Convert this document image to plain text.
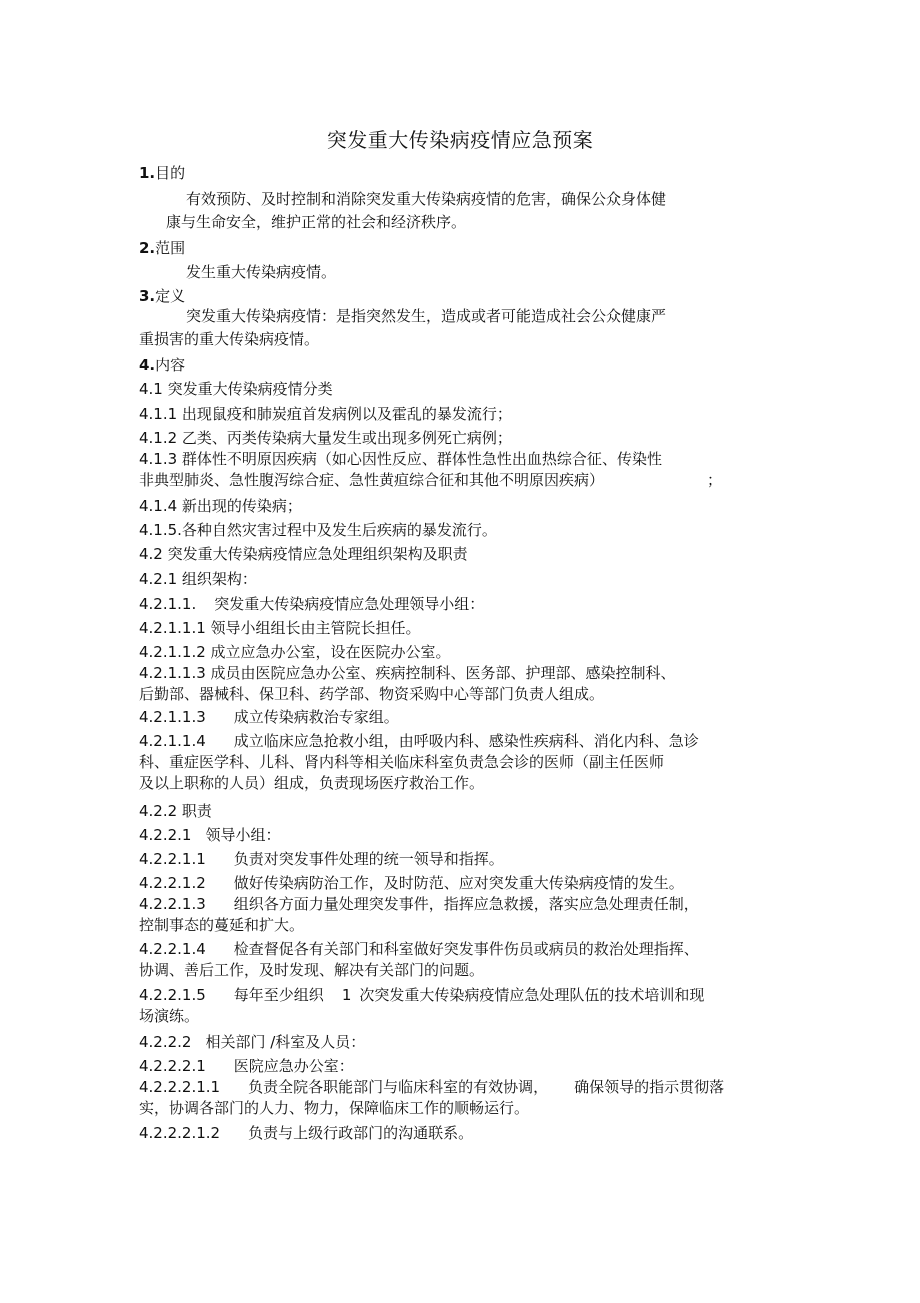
突发重大传染病疫情应急预案
1.目的
有效预防、及时控制和消除突发重大传染病疫情的危害，确保公众身体健
康与生命安全，维护正常的社会和经济秩序。
2.范围
发生重大传染病疫情。
3.定义
突发重大传染病疫情：是指突然发生，造成或者可能造成社会公众健康严
重损害的重大传染病疫情。
4.内容
4.1 突发重大传染病疫情分类
4.1.1 出现鼠疫和肺炭疽首发病例以及霍乱的暴发流行；
4.1.2 乙类、丙类传染病大量发生或出现多例死亡病例；
4.1.3 群体性不明原因疾病（如心因性反应、群体性急性出血热综合征、传染性
非典型肺炎、急性腹泻综合症、急性黄疸综合征和其他不明原因疾病）	；
4.1.4 新出现的传染病；
4.1.5.各种自然灾害过程中及发生后疾病的暴发流行。
4.2 突发重大传染病疫情应急处理组织架构及职责
4.2.1 组织架构：
4.2.1.1. 突发重大传染病疫情应急处理领导小组：
4.2.1.1.1 领导小组组长由主管院长担任。
4.2.1.1.2 成立应急办公室，设在医院办公室。
4.2.1.1.3 成员由医院应急办公室、疾病控制科、医务部、护理部、感染控制科、
后勤部、器械科、保卫科、药学部、物资采购中心等部门负责人组成。
4.2.1.1.3 成立传染病救治专家组。
4.2.1.1.4 成立临床应急抢救小组，由呼吸内科、感染性疾病科、消化内科、急诊
科、重症医学科、儿科、肾内科等相关临床科室负责急会诊的医师（副主任医师
及以上职称的人员）组成，负责现场医疗救治工作。
4.2.2 职责
4.2.2.1 领导小组：
4.2.2.1.1 负责对突发事件处理的统一领导和指挥。
4.2.2.1.2 做好传染病防治工作，及时防范、应对突发重大传染病疫情的发生。
4.2.2.1.3 组织各方面力量处理突发事件，指挥应急救援，落实应急处理责任制，
控制事态的蔓延和扩大。
4.2.2.1.4 检查督促各有关部门和科室做好突发事件伤员或病员的救治处理指挥、
协调、善后工作，及时发现、解决有关部门的问题。
4.2.2.1.5 每年至少组织 1 次突发重大传染病疫情应急处理队伍的技术培训和现
场演练。
4.2.2.2 相关部门 /科室及人员：
4.2.2.2.1 医院应急办公室：
4.2.2.2.1.1 负责全院各职能部门与临床科室的有效协调， 确保领导的指示贯彻落
实，协调各部门的人力、物力，保障临床工作的顺畅运行。
4.2.2.2.1.2 负责与上级行政部门的沟通联系。
